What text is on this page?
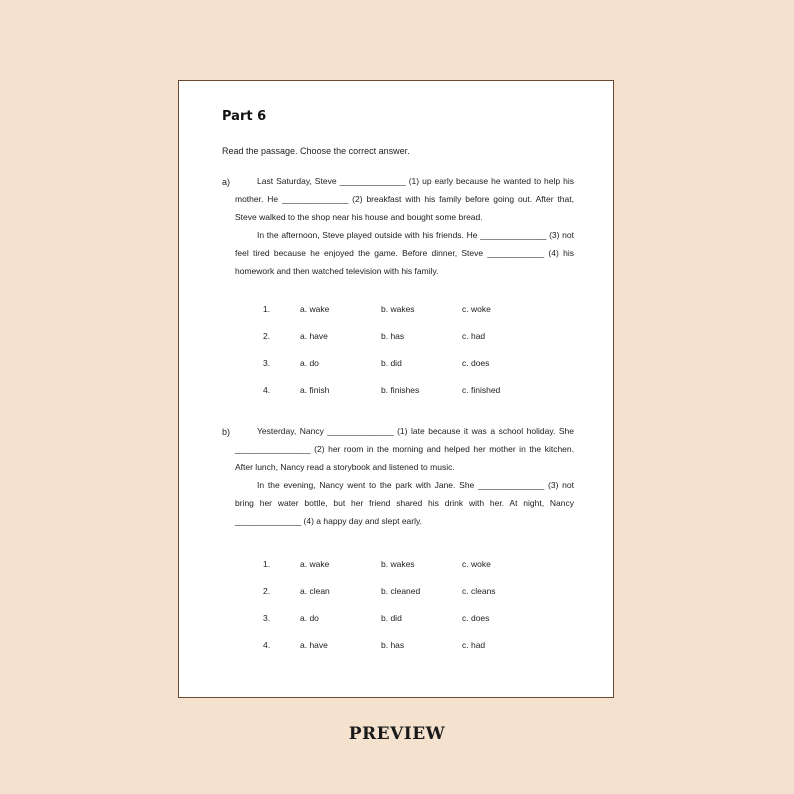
Part 6

Read the passage. Choose the correct answer.

a)	Last Saturday, Steve ______________ (1) up early because he wanted to help his mother. He ______________ (2) breakfast with his family before going out. After that, Steve walked to the shop near his house and bought some bread.

In the afternoon, Steve played outside with his friends. He ______________ (3) not feel tired because he enjoyed the game. Before dinner, Steve ____________ (4) his homework and then watched television with his family.

1.	a. wake	b. wakes	c. woke
2.	a. have	b. has	c. had
3.	a. do	b. did	c. does
4.	a. finish	b. finishes	c. finished
b)	Yesterday, Nancy ______________ (1) late because it was a school holiday. She ________________ (2) her room in the morning and helped her mother in the kitchen. After lunch, Nancy read a storybook and listened to music.

In the evening, Nancy went to the park with Jane. She ______________ (3) not bring her water bottle, but her friend shared his drink with her. At night, Nancy ______________ (4) a happy day and slept early.

1.	a. wake	b. wakes	c. woke
2.	a. clean	b. cleaned	c. cleans
3.	a. do	b. did	c. does
4.	a. have	b. has	c. had
PREVIEW
